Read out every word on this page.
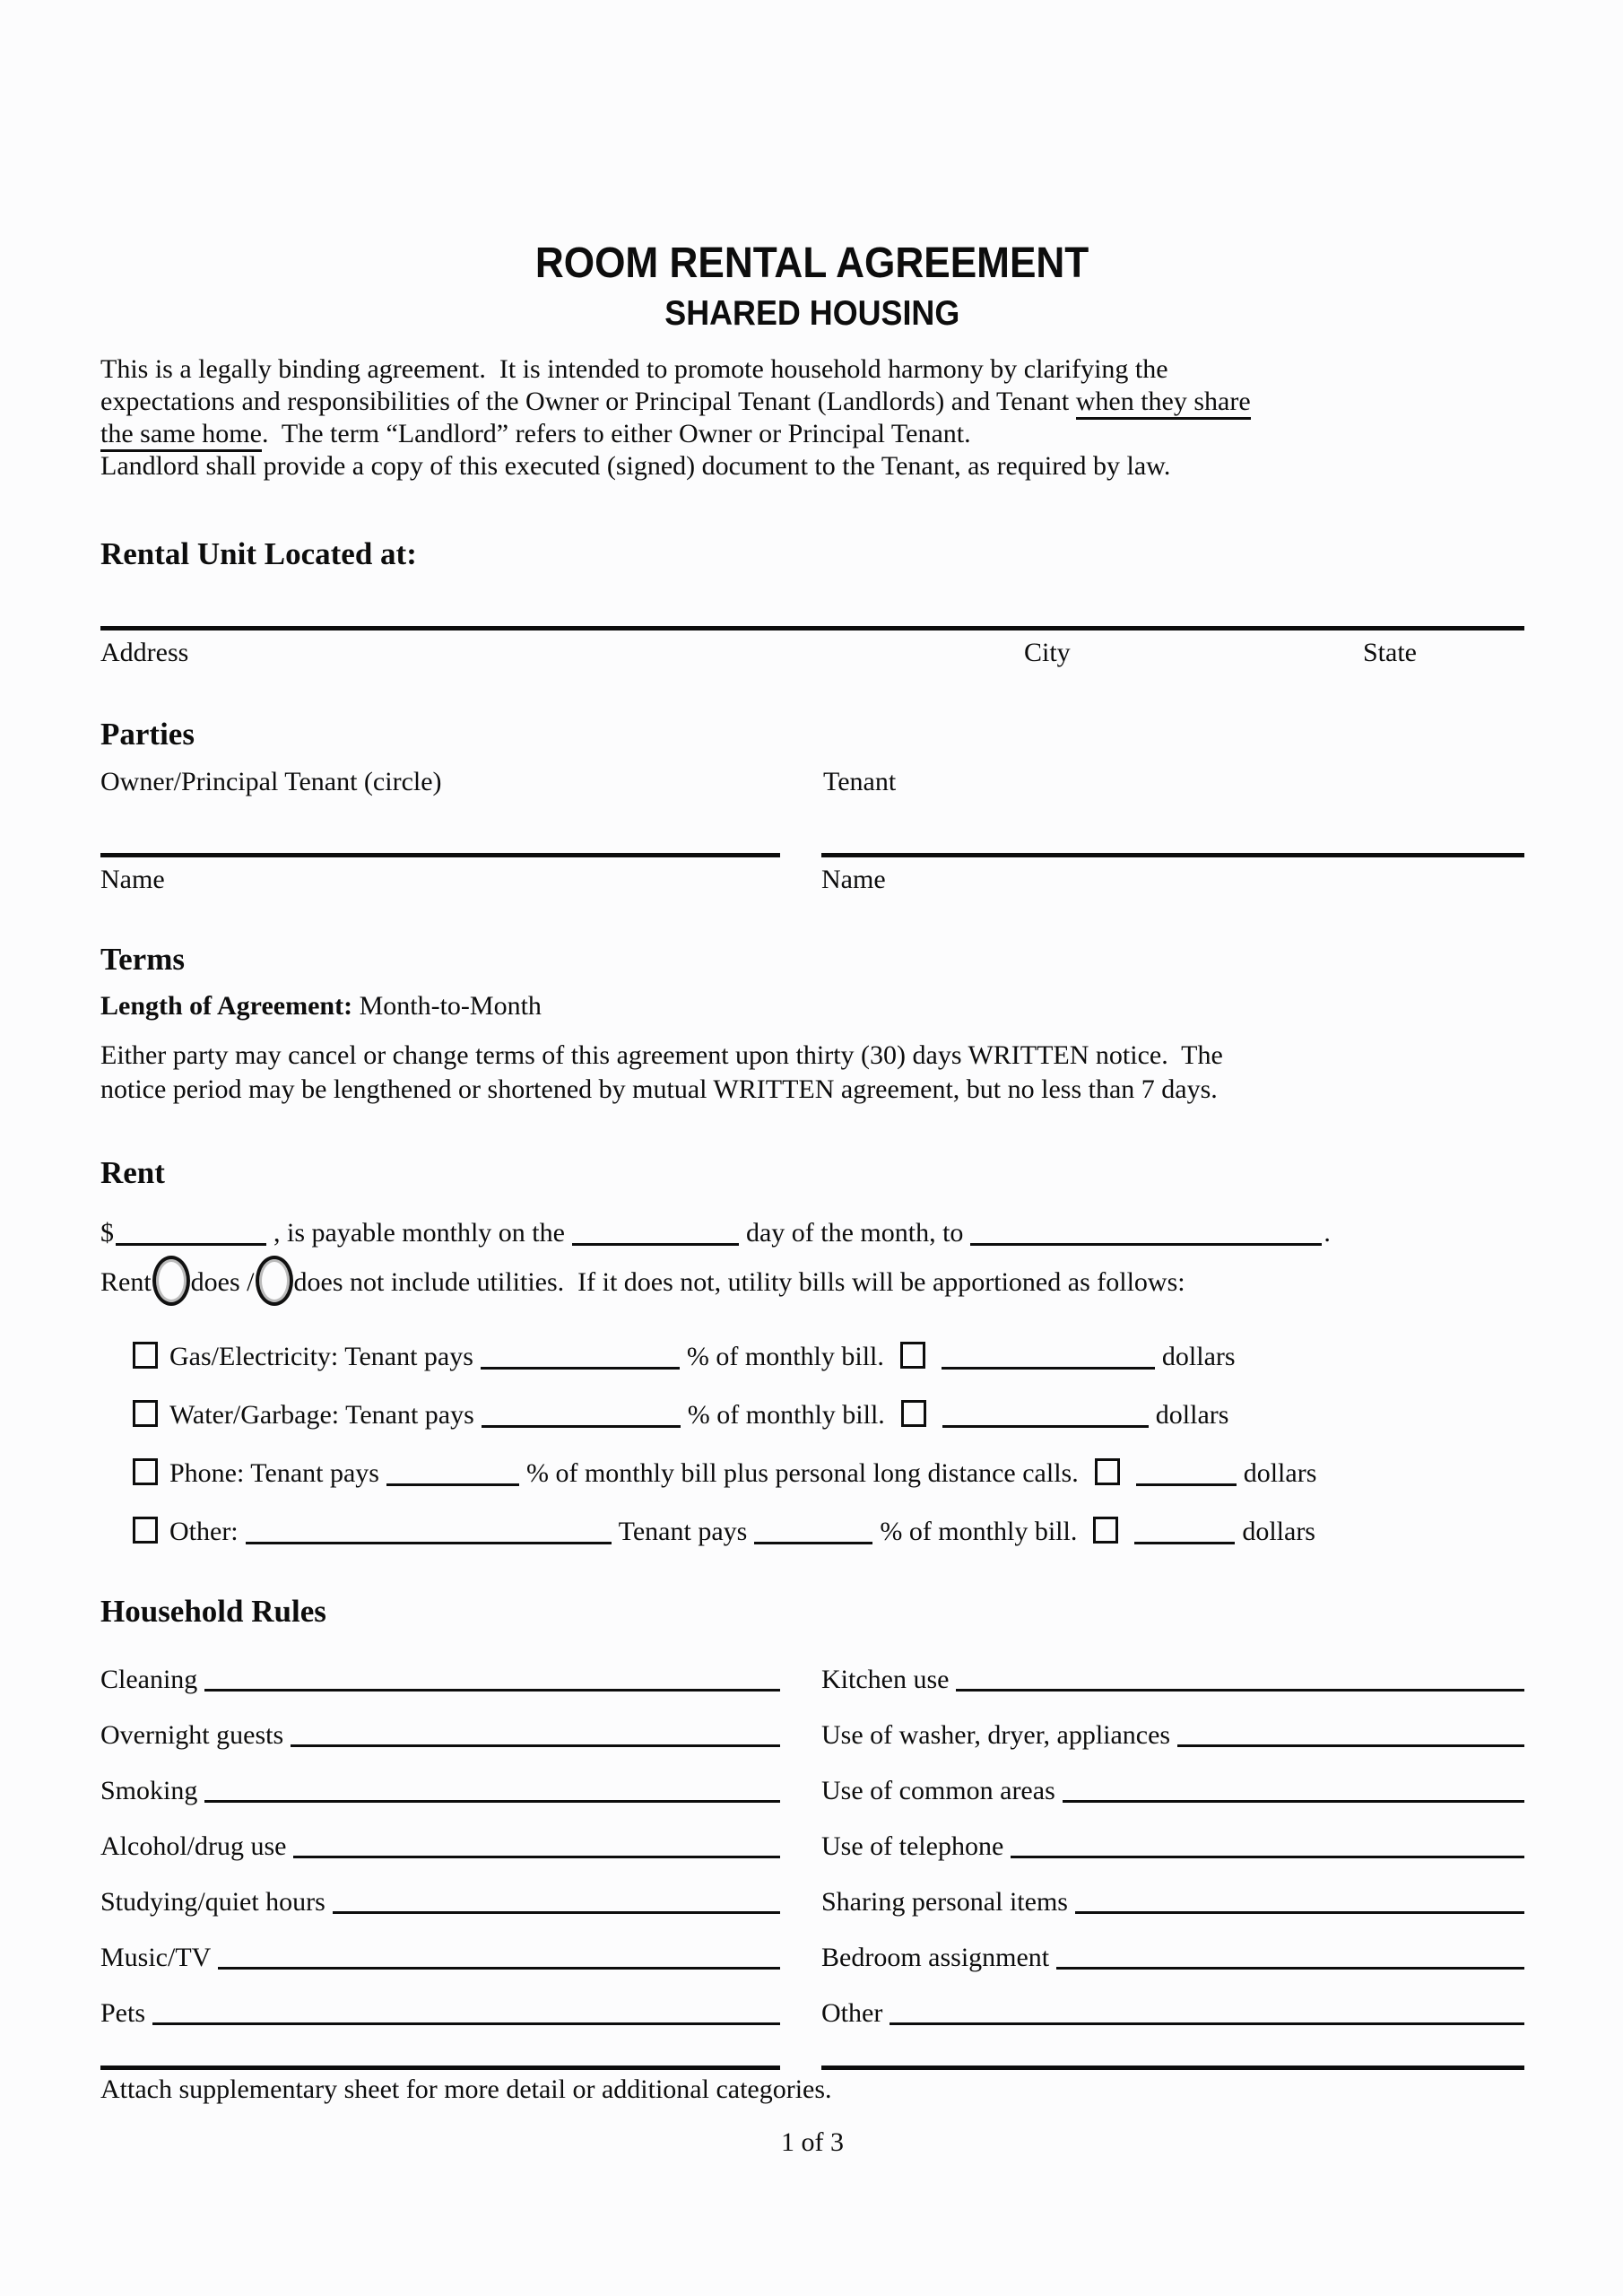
ROOM RENTAL AGREEMENT
SHARED HOUSING
This is a legally binding agreement.  It is intended to promote household harmony by clarifying the
expectations and responsibilities of the Owner or Principal Tenant (Landlords) and Tenant when they share
the same home.  The term “Landlord” refers to either Owner or Principal Tenant.
Landlord shall provide a copy of this executed (signed) document to the Tenant, as required by law.
Rental Unit Located at:
Address	City	State
Parties
Owner/Principal Tenant (circle)	Tenant
Name	Name
Terms
Length of Agreement: Month-to-Month
Either party may cancel or change terms of this agreement upon thirty (30) days WRITTEN notice.  The
notice period may be lengthened or shortened by mutual WRITTEN agreement, but no less than 7 days.
Rent
$	, is payable monthly on the	day of the month, to	.
Rent does / does not include utilities.  If it does not, utility bills will be apportioned as follows:
Gas/Electricity: Tenant pays	% of monthly bill.	dollars
Water/Garbage: Tenant pays	% of monthly bill.	dollars
Phone: Tenant pays	% of monthly bill plus personal long distance calls.	dollars
Other:	Tenant pays	% of monthly bill.	dollars
Household Rules
Cleaning
Overnight guests
Smoking
Alcohol/drug use
Studying/quiet hours
Music/TV
Pets
Kitchen use
Use of washer, dryer, appliances
Use of common areas
Use of telephone
Sharing personal items
Bedroom assignment
Other
Attach supplementary sheet for more detail or additional categories.
1 of 3
